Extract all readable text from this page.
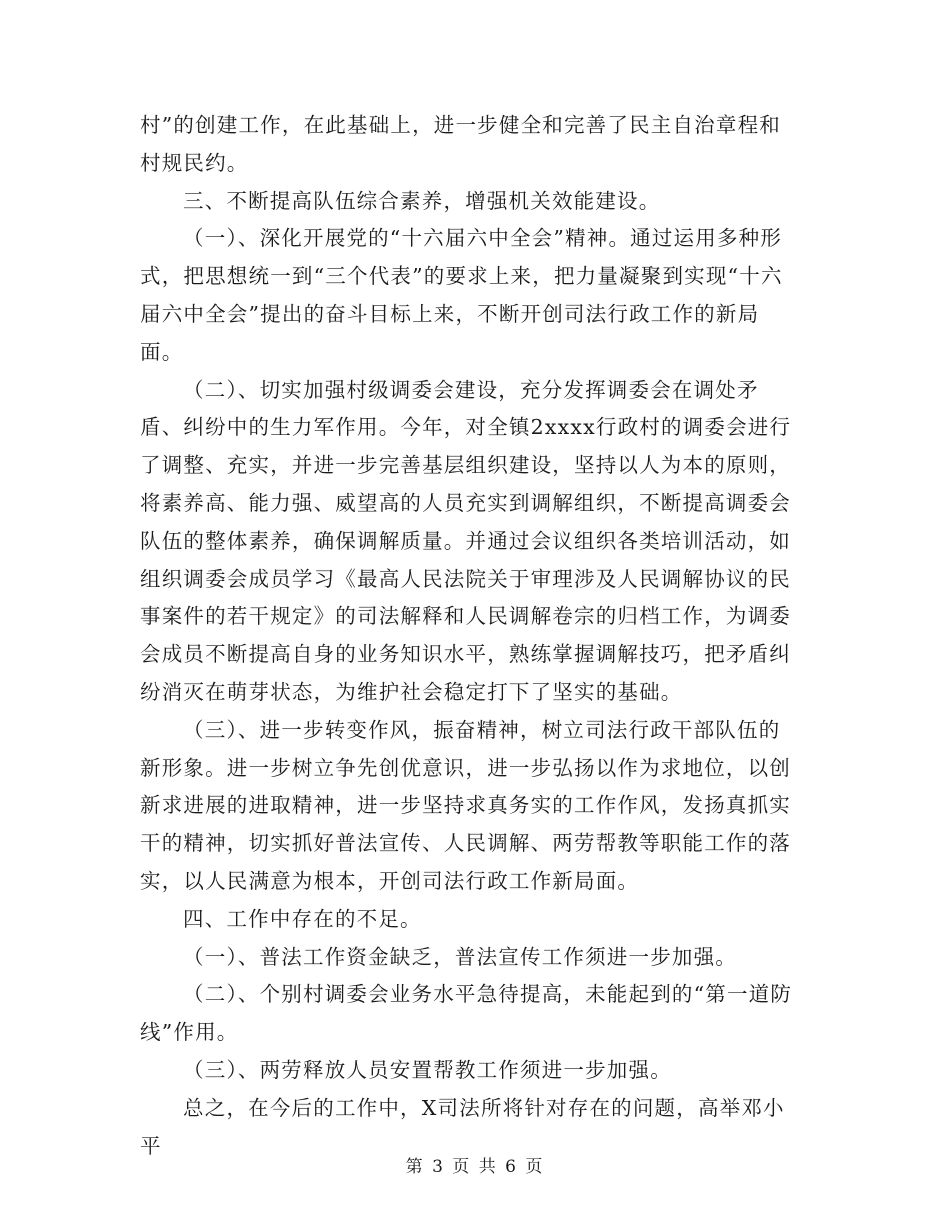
村”的创建工作，在此基础上，进一步健全和完善了民主自治章程和村规民约。

三、不断提高队伍综合素养，增强机关效能建设。

（一）、深化开展党的“十六届六中全会”精神。通过运用多种形式，把思想统一到“三个代表”的要求上来，把力量凝聚到实现“十六届六中全会”提出的奋斗目标上来，不断开创司法行政工作的新局面。

（二）、切实加强村级调委会建设，充分发挥调委会在调处矛盾、纠纷中的生力军作用。今年，对全镇2xxxx行政村的调委会进行了调整、充实，并进一步完善基层组织建设，坚持以人为本的原则，将素养高、能力强、威望高的人员充实到调解组织，不断提高调委会队伍的整体素养，确保调解质量。并通过会议组织各类培训活动，如组织调委会成员学习《最高人民法院关于审理涉及人民调解协议的民事案件的若干规定》的司法解释和人民调解卷宗的归档工作，为调委会成员不断提高自身的业务知识水平，熟练掌握调解技巧，把矛盾纠纷消灭在萌芽状态，为维护社会稳定打下了坚实的基础。

（三）、进一步转变作风，振奋精神，树立司法行政干部队伍的新形象。进一步树立争先创优意识，进一步弘扬以作为求地位，以创新求进展的进取精神，进一步坚持求真务实的工作作风，发扬真抓实干的精神，切实抓好普法宣传、人民调解、两劳帮教等职能工作的落实，以人民满意为根本，开创司法行政工作新局面。

四、工作中存在的不足。

（一）、普法工作资金缺乏，普法宣传工作须进一步加强。

（二）、个别村调委会业务水平急待提高，未能起到的“第一道防线”作用。

（三）、两劳释放人员安置帮教工作须进一步加强。

总之，在今后的工作中，X司法所将针对存在的问题，高举邓小平

第 3 页 共 6 页
